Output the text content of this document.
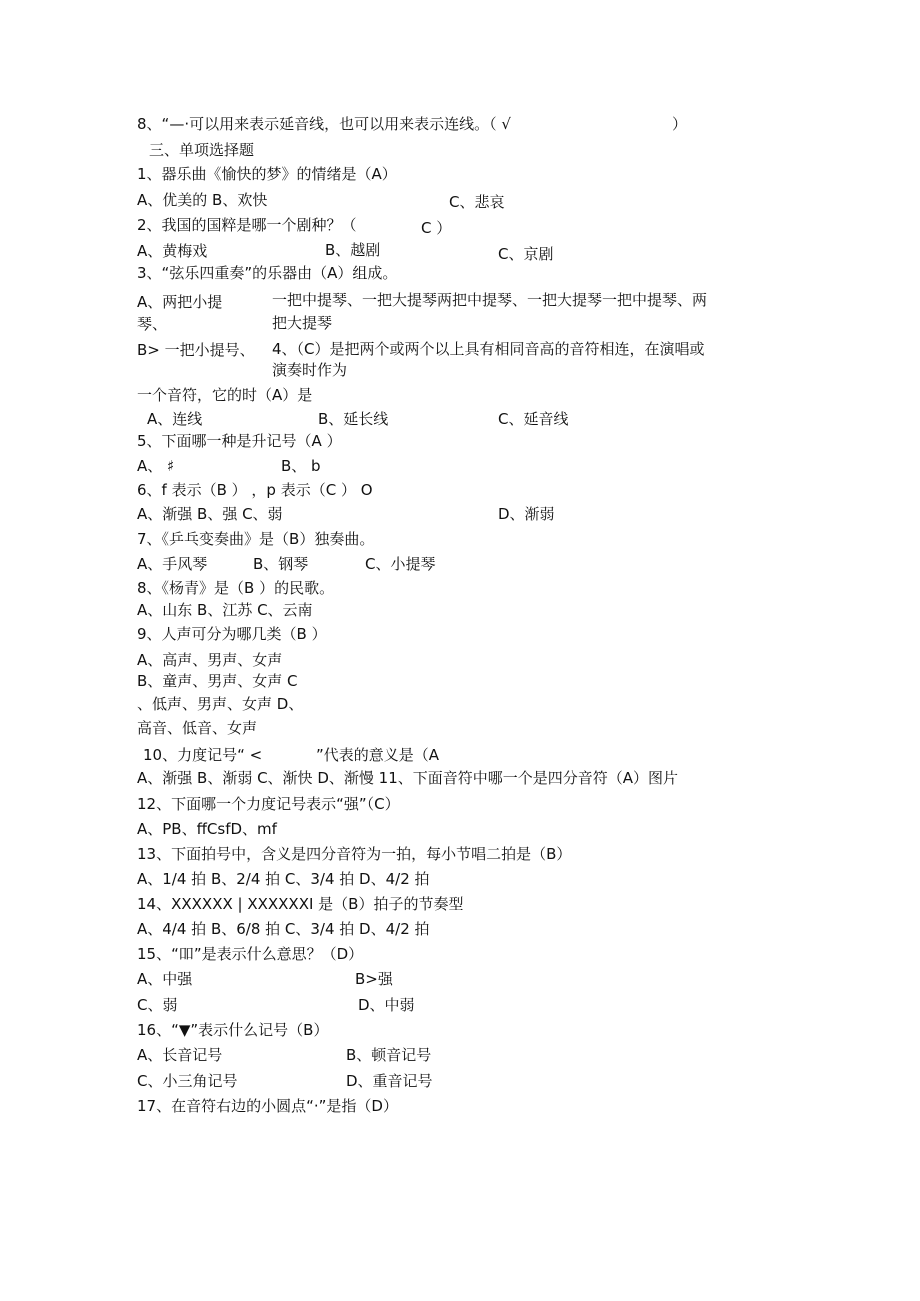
8、“—·可以用来表示延音线，也可以用来表示连线。（ √	）
三、单项选择题
1、器乐曲《愉快的梦》的情绪是（A）
A、优美的 B、欢快	C、悲哀
2、我国的国粹是哪一个剧种？（	C ）
A、黄梅戏	B、越剧	C、京剧
3、“弦乐四重奏”的乐器由（A）组成。
A、两把小提
琴、
一把中提琴、一把大提琴两把中提琴、一把大提琴一把中提琴、两
把大提琴
B> 一把小提号、 4、（C）是把两个或两个以上具有相同音高的音符相连，在演唱或
演奏时作为
一个音符，它的时（A）是
A、连线	B、延长线	C、延音线
5、下面哪一种是升记号（A ）
A、 ♯	B、 b
6、f 表示（B ） ，p 表示（C ） O
A、渐强 B、强 C、弱	D、渐弱
7、《乒乓变奏曲》是（B）独奏曲。
A、手风琴	B、钢琴	C、小提琴
8、《杨青》是（B ）的民歌。
A、山东 B、江苏 C、云南
9、人声可分为哪几类（B ）
A、高声、男声、女声
B、童声、男声、女声 C
、低声、男声、女声 D、
高音、低音、女声
10、力度记号“ <	”代表的意义是（A
A、渐强 B、渐弱 C、渐快 D、渐慢 11、下面音符中哪一个是四分音符（A）图片
12、下面哪一个力度记号表示“强”（C）
A、PB、ffCsfD、mf
13、下面拍号中，含义是四分音符为一拍，每小节唱二拍是（B）
A、1/4 拍 B、2/4 拍 C、3/4 拍 D、4/2 拍
14、XXXXXX | XXXXXXI 是（B）拍子的节奏型
A、4/4 拍 B、6/8 拍 C、3/4 拍 D、4/2 拍
15、“吅”是表示什么意思？（D）
A、中强	B>强
C、弱	D、中弱
16、“▼”表示什么记号（B）
A、长音记号	B、顿音记号
C、小三角记号	D、重音记号
17、在音符右边的小圆点“·”是指（D）
